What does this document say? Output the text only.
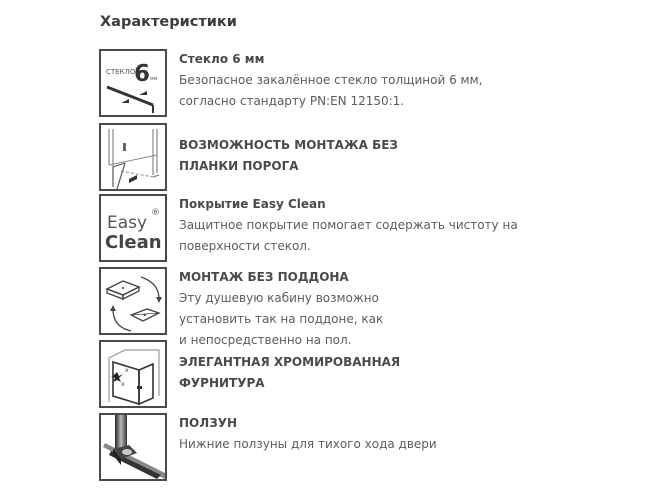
Характеристики
СТЕКЛО
6 мм
Стекло 6 мм
Безопасное закалённое стекло толщиной 6 мм,
согласно стандарту PN:EN 12150:1.
ВОЗМОЖНОСТЬ МОНТАЖА БЕЗ
ПЛАНКИ ПОРОГА
Easy ®
Clean
Покрытие Easy Clean
Защитное покрытие помогает содержать чистоту на
поверхности стекол.
МОНТАЖ БЕЗ ПОДДОНА
Эту душевую кабину возможно
установить так на поддоне, как
и непосредственно на пол.
x
x
ЭЛЕГАНТНАЯ ХРОМИРОВАННАЯ
ФУРНИТУРА
ПОЛЗУН
Нижние ползуны для тихого хода двери
